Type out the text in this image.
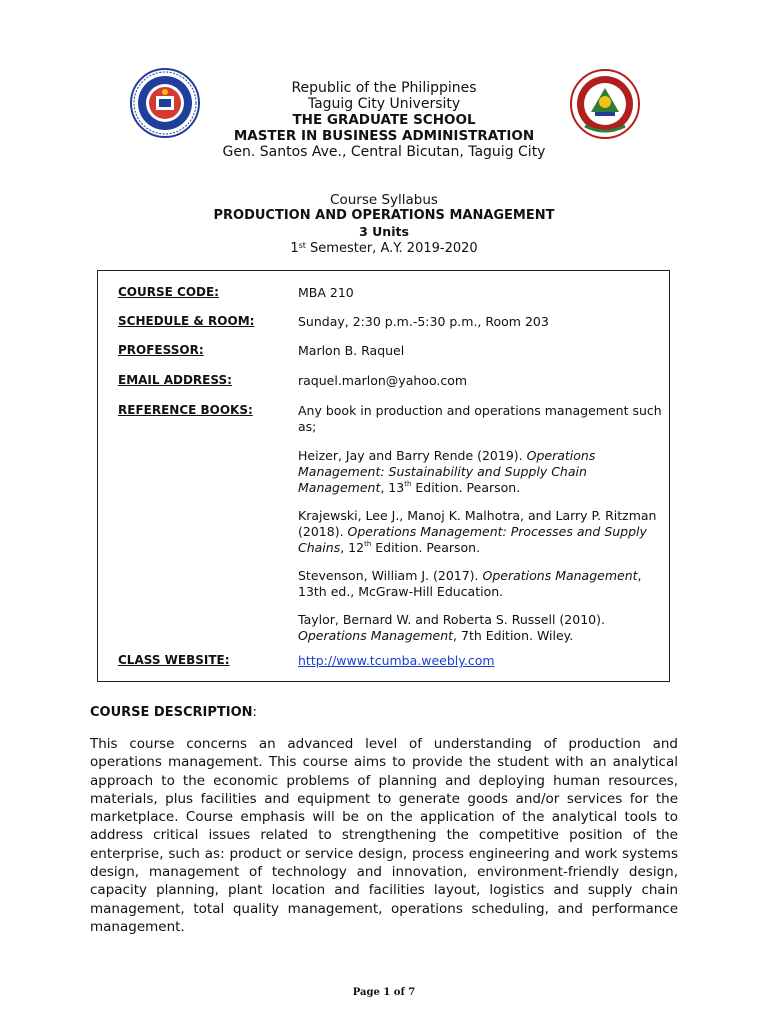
Republic of the Philippines
Taguig City University
THE GRADUATE SCHOOL
MASTER IN BUSINESS ADMINISTRATION
Gen. Santos Ave., Central Bicutan, Taguig City
Course Syllabus
PRODUCTION AND OPERATIONS MANAGEMENT
3 Units
1st Semester, A.Y. 2019-2020
COURSE CODE:	MBA 210
SCHEDULE & ROOM:	Sunday, 2:30 p.m.-5:30 p.m., Room 203
PROFESSOR:	Marlon B. Raquel
EMAIL ADDRESS:	raquel.marlon@yahoo.com
REFERENCE BOOKS:	Any book in production and operations management such as;
Heizer, Jay and Barry Rende (2019). Operations Management: Sustainability and Supply Chain Management, 13th Edition. Pearson.
Krajewski, Lee J., Manoj K. Malhotra, and Larry P. Ritzman (2018). Operations Management: Processes and Supply Chains, 12th Edition. Pearson.
Stevenson, William J. (2017). Operations Management, 13th ed., McGraw-Hill Education.
Taylor, Bernard W. and Roberta S. Russell (2010). Operations Management, 7th Edition. Wiley.
CLASS WEBSITE:	http://www.tcumba.weebly.com
COURSE DESCRIPTION:
This course concerns an advanced level of understanding of production and operations management. This course aims to provide the student with an analytical approach to the economic problems of planning and deploying human resources, materials, plus facilities and equipment to generate goods and/or services for the marketplace. Course emphasis will be on the application of the analytical tools to address critical issues related to strengthening the competitive position of the enterprise, such as: product or service design, process engineering and work systems design, management of technology and innovation, environment-friendly design, capacity planning, plant location and facilities layout, logistics and supply chain management, total quality management, operations scheduling, and performance management.
Page 1 of 7
